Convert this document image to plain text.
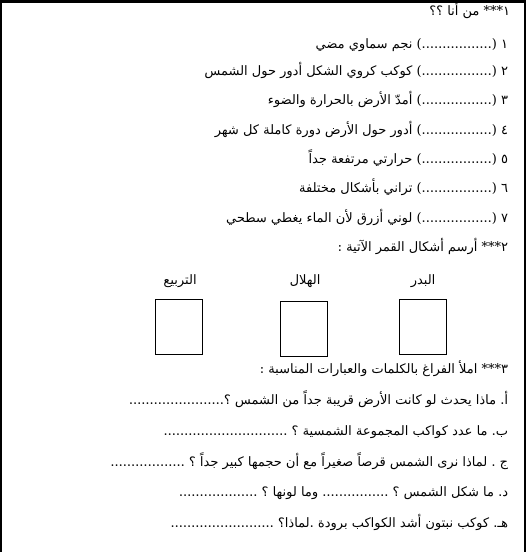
١*** من أنا ؟؟
١ (.................) نجم سماوي مضي
٢ (.................) كوكب كروي الشكل أدور حول الشمس
٣ (.................) أمدّ الأرض بالحرارة والضوء
٤ (.................) أدور حول الأرض دورة كاملة كل شهر
٥ (.................) حرارتي مرتفعة جداً
٦ (.................) تراني بأشكال مختلفة
٧ (.................) لوني أزرق لأن الماء يغطي سطحي
٢*** أرسم أشكال القمر الآتية :
البدر
الهلال
التربيع
٣*** املأ الفراغ بالكلمات والعبارات المناسبة :
أ. ماذا يحدث لو كانت الأرض قريبة جداً من الشمس ؟.......................
ب. ما عدد كواكب المجموعة الشمسية ؟ ..............................
ج . لماذا نرى الشمس قرصاً صغيراً مع أن حجمها كبير جداً ؟ ..................
د. ما شكل الشمس ؟ ................ وما لونها ؟ ...................
هـ. كوكب نبتون أشد الكواكب برودة .لماذا؟ .........................
